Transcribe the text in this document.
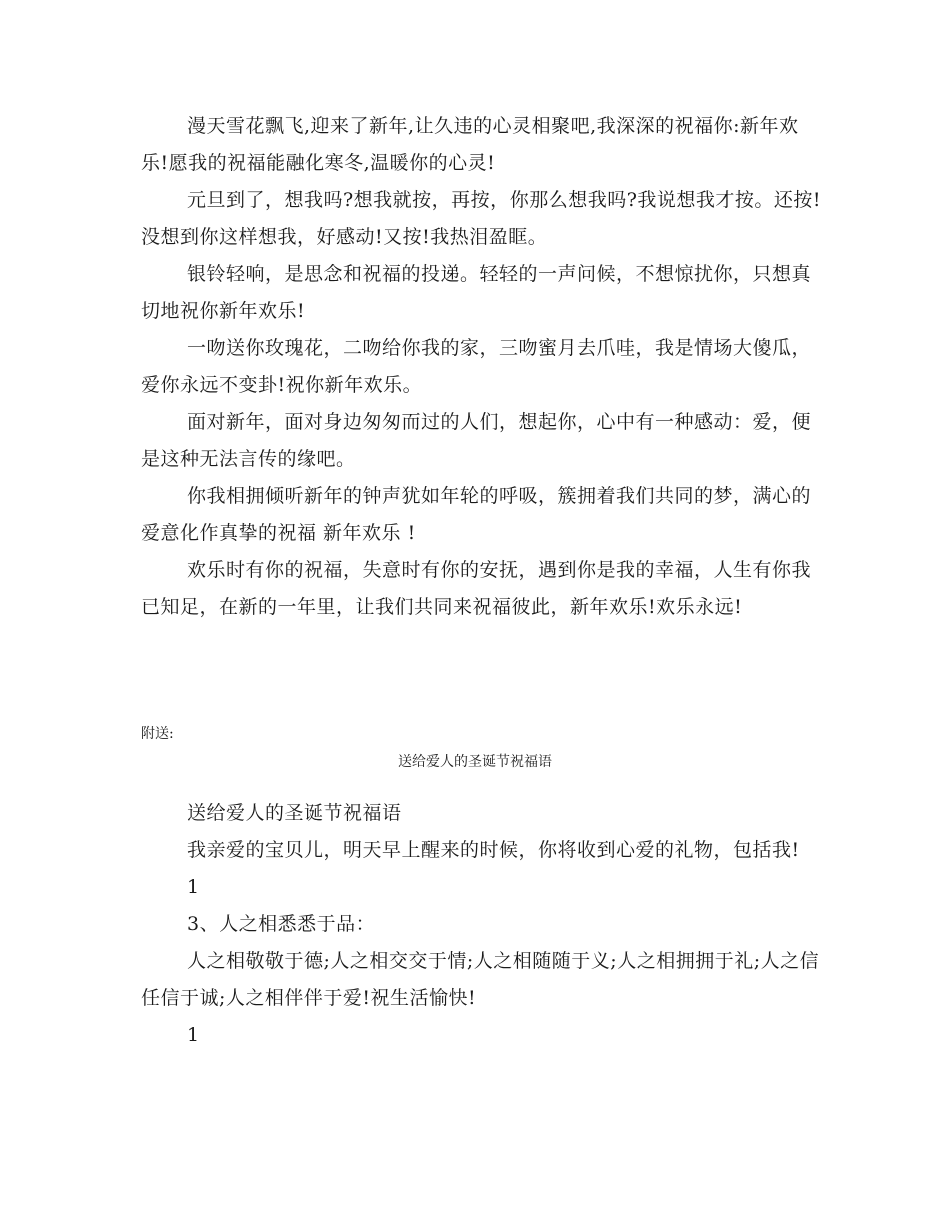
漫天雪花飘飞,迎来了新年,让久违的心灵相聚吧,我深深的祝福你:新年欢乐!愿我的祝福能融化寒冬,温暖你的心灵!

元旦到了，想我吗?想我就按，再按，你那么想我吗?我说想我才按。还按!没想到你这样想我，好感动!又按!我热泪盈眶。

银铃轻响，是思念和祝福的投递。轻轻的一声问候，不想惊扰你，只想真切地祝你新年欢乐!

一吻送你玫瑰花，二吻给你我的家，三吻蜜月去爪哇，我是情场大傻瓜，爱你永远不变卦!祝你新年欢乐。

面对新年，面对身边匆匆而过的人们，想起你，心中有一种感动：爱，便是这种无法言传的缘吧。

你我相拥倾听新年的钟声犹如年轮的呼吸，簇拥着我们共同的梦，满心的爱意化作真挚的祝福 新年欢乐 !

欢乐时有你的祝福，失意时有你的安抚，遇到你是我的幸福，人生有你我已知足，在新的一年里，让我们共同来祝福彼此，新年欢乐!欢乐永远!

附送:

送给爱人的圣诞节祝福语

送给爱人的圣诞节祝福语

我亲爱的宝贝儿，明天早上醒来的时候，你将收到心爱的礼物，包括我!

1

3、人之相悉悉于品：

人之相敬敬于德;人之相交交于情;人之相随随于义;人之相拥拥于礼;人之信任信于诚;人之相伴伴于爱!祝生活愉快!

1
